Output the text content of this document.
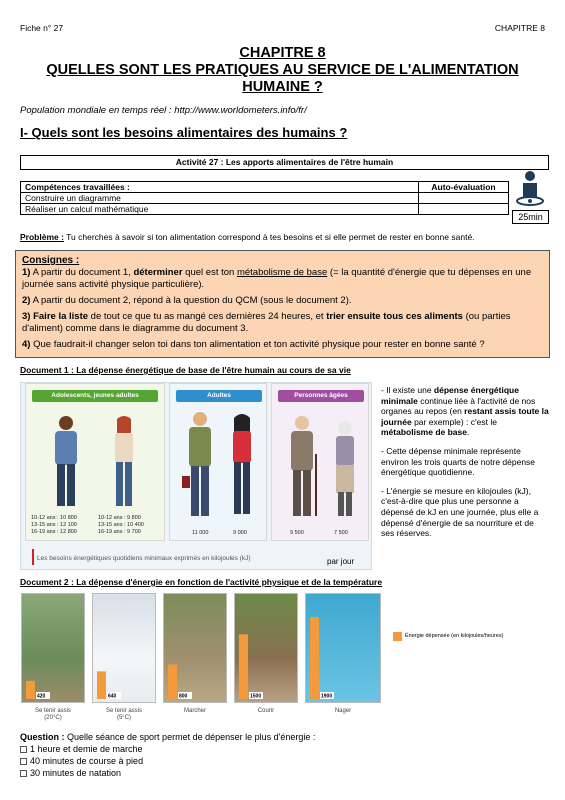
Fiche n° 27	CHAPITRE 8
CHAPITRE 8
QUELLES SONT LES PRATIQUES AU SERVICE DE L'ALIMENTATION
HUMAINE ?
Population mondiale en temps réel : http://www.worldometers.info/fr/
I- Quels sont les besoins alimentaires des humains ?
Activité 27 : Les apports alimentaires de l'être humain
Compétences travaillées :	Auto-évaluation
Construire un diagramme	
Réaliser un calcul mathématique	
25min
Problème : Tu cherches à savoir si ton alimentation correspond à tes besoins et si elle permet de rester en bonne santé.
Consignes :
1) A partir du document 1, déterminer quel est ton métabolisme de base (= la quantité d'énergie que tu dépenses en une journée sans activité physique particulière).

2) A partir du document 2, répond à la question du QCM (sous le document 2).

3) Faire la liste de tout ce que tu as mangé ces dernières 24 heures, et trier ensuite tous ces aliments (ou parties d'aliment) comme dans le diagramme du document 3.

4) Que faudrait-il changer selon toi dans ton alimentation et ton activité physique pour rester en bonne santé ?

Document 1 : La dépense énergétique de base de l'être humain au cours de sa vie
Adolescents, jeunes adultes
10-12 ans : 10 800
13-15 ans : 12 100
16-19 ans : 12 800
10-12 ans : 9 800
13-15 ans : 10 400
16-19 ans : 9 700
Adultes
11 000	9 000
Personnes âgées
9 500	7 500
Les besoins énergétiques quotidiens minimaux exprimés en kilojoules (kJ)	par jour

- Il existe une dépense énergétique minimale continue liée à l'activité de nos organes au repos (en restant assis toute la journée par exemple) : c'est le métabolisme de base.

- Cette dépense minimale représente environ les trois quarts de notre dépense énergétique quotidienne.

- L'énergie se mesure en kilojoules (kJ), c'est-à-dire que plus une personne a dépensé de kJ en une journée, plus elle a dépensé d'énergie de sa nourriture et de ses réserves.

Document 2 : La dépense d'énergie en fonction de l'activité physique et de la température
420	640	800	1500	1900
Se tenir assis
(20°C)
Se tenir assis
(5°C)
Marcher	Courir	Nager
Énergie dépensée (en kilojoules/heures)
Question : Quelle séance de sport permet de dépenser le plus d'énergie :
1 heure et demie de marche
40 minutes de course à pied
30 minutes de natation
